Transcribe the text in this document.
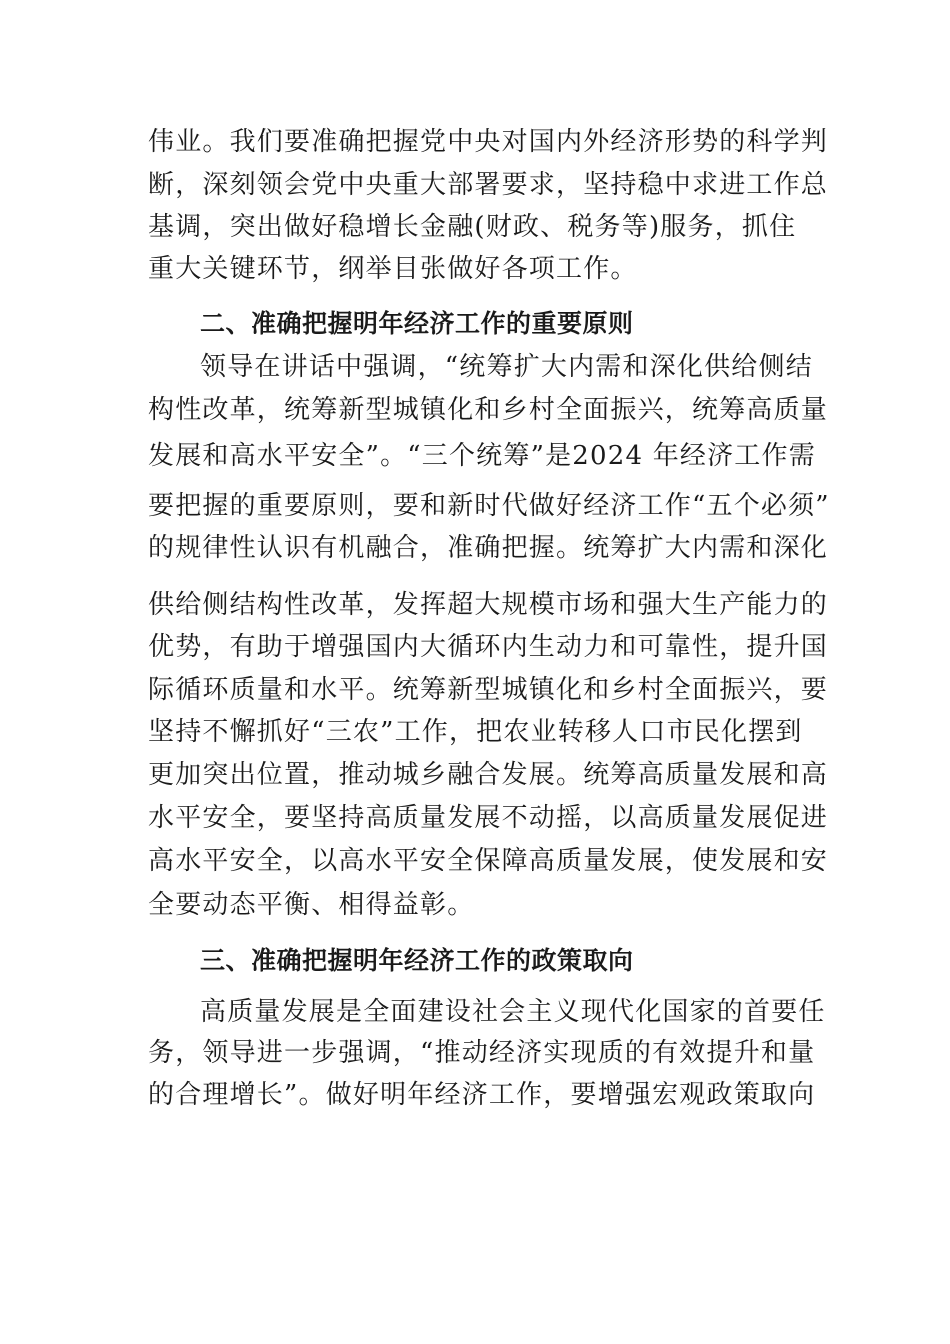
伟业。我们要准确把握党中央对国内外经济形势的科学判
断，深刻领会党中央重大部署要求，坚持稳中求进工作总
基调，突出做好稳增长金融(财政、税务等)服务，抓住
重大关键环节，纲举目张做好各项工作。
二、准确把握明年经济工作的重要原则
领导在讲话中强调，“统筹扩大内需和深化供给侧结
构性改革，统筹新型城镇化和乡村全面振兴，统筹高质量
发展和高水平安全”。“三个统筹”是2024 年经济工作需
要把握的重要原则，要和新时代做好经济工作“五个必须”
的规律性认识有机融合，准确把握。统筹扩大内需和深化
供给侧结构性改革，发挥超大规模市场和强大生产能力的
优势，有助于增强国内大循环内生动力和可靠性，提升国
际循环质量和水平。统筹新型城镇化和乡村全面振兴，要
坚持不懈抓好“三农”工作，把农业转移人口市民化摆到
更加突出位置，推动城乡融合发展。统筹高质量发展和高
水平安全，要坚持高质量发展不动摇，以高质量发展促进
高水平安全，以高水平安全保障高质量发展，使发展和安
全要动态平衡、相得益彰。
三、准确把握明年经济工作的政策取向
高质量发展是全面建设社会主义现代化国家的首要任
务，领导进一步强调，“推动经济实现质的有效提升和量
的合理增长”。做好明年经济工作，要增强宏观政策取向
